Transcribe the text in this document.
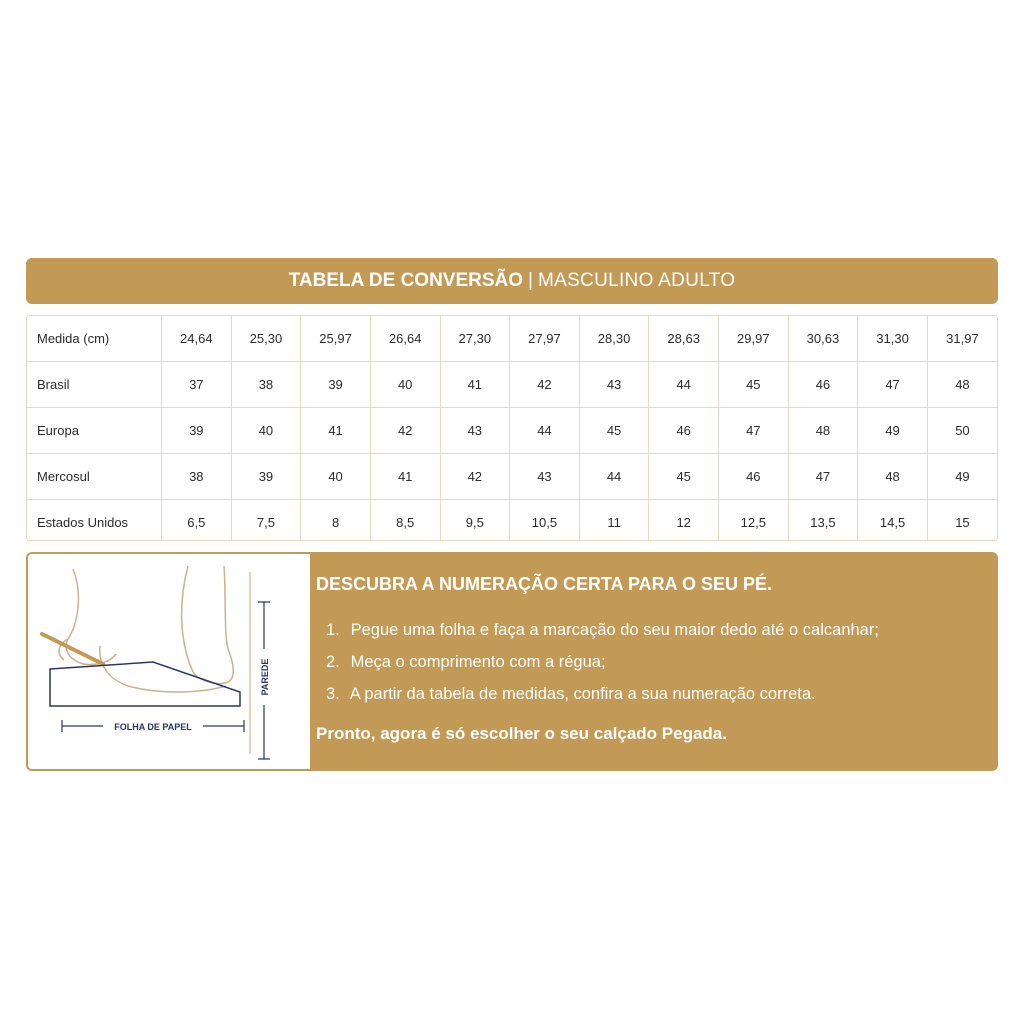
TABELA DE CONVERSÃO | MASCULINO ADULTO
Medida (cm)	24,64	25,30	25,97	26,64	27,30	27,97	28,30	28,63	29,97	30,63	31,30	31,97
Brasil	37	38	39	40	41	42	43	44	45	46	47	48
Europa	39	40	41	42	43	44	45	46	47	48	49	50
Mercosul	38	39	40	41	42	43	44	45	46	47	48	49
Estados Unidos	6,5	7,5	8	8,5	9,5	10,5	11	12	12,5	13,5	14,5	15
FOLHA DE PAPEL
PAREDE
DESCUBRA A NUMERAÇÃO CERTA PARA O SEU PÉ.
1. Pegue uma folha e faça a marcação do seu maior dedo até o calcanhar;
2. Meça o comprimento com a régua;
3. A partir da tabela de medidas, confira a sua numeração correta.
Pronto, agora é só escolher o seu calçado Pegada.
